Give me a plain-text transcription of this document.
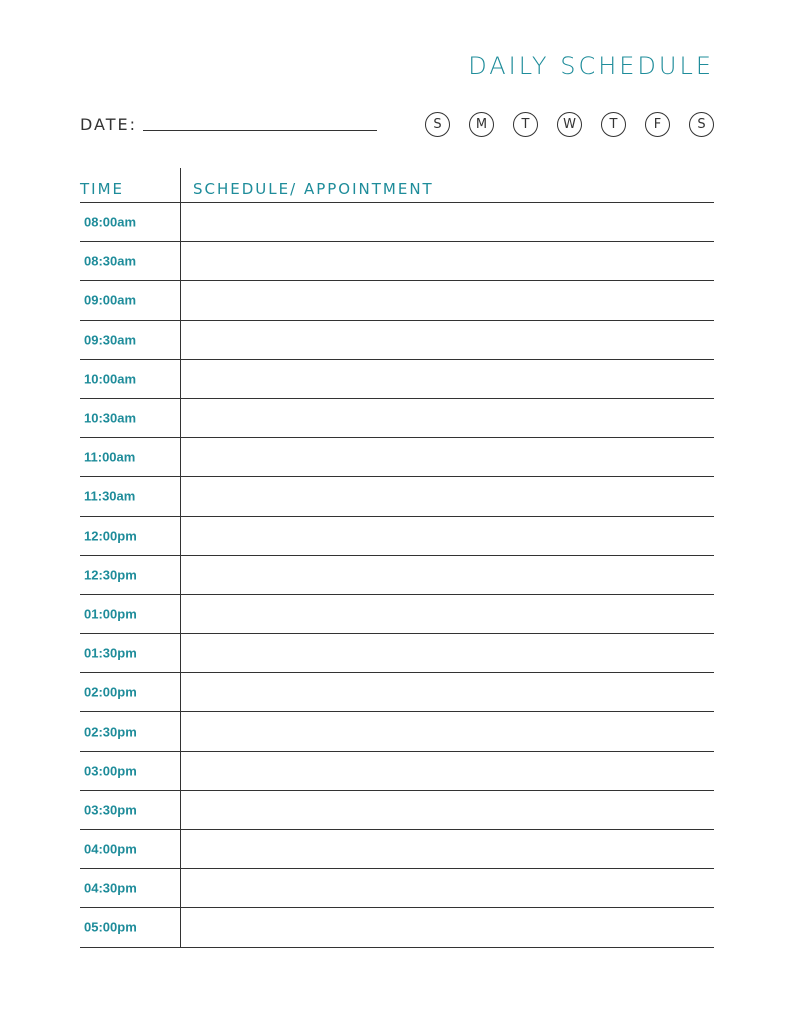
DAILY SCHEDULE
DATE:	S	M	T	W	T	F	S
TIME	SCHEDULE/ APPOINTMENT
08:00am
08:30am
09:00am
09:30am
10:00am
10:30am
11:00am
11:30am
12:00pm
12:30pm
01:00pm
01:30pm
02:00pm
02:30pm
03:00pm
03:30pm
04:00pm
04:30pm
05:00pm
